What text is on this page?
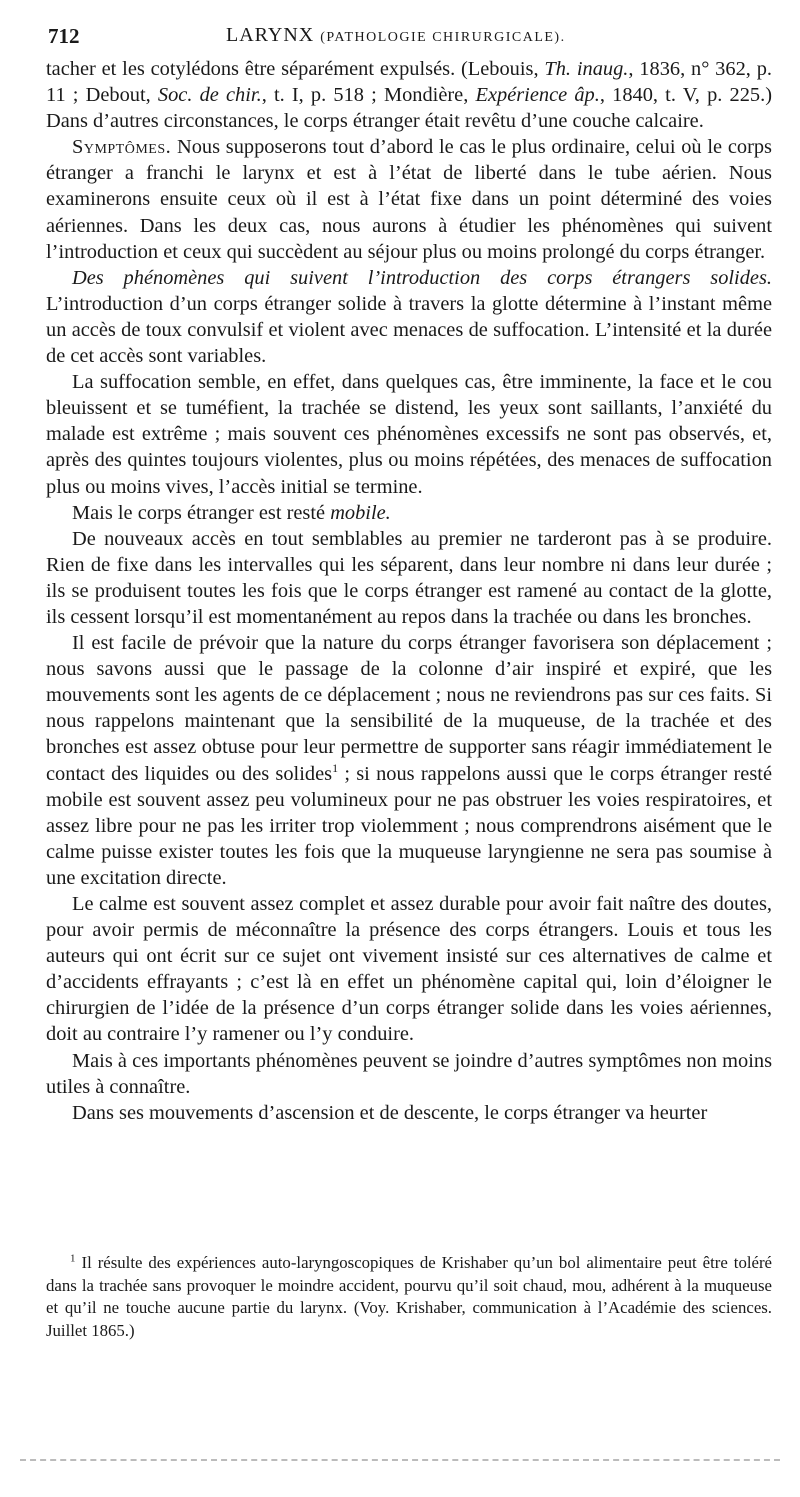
712	LARYNX (PATHOLOGIE CHIRURGICALE).

tacher et les cotylédons être séparément expulsés. (Lebouis, Th. inaug., 1836, n° 362, p. 11 ; Debout, Soc. de chir., t. I, p. 518 ; Mondière, Expérience âp., 1840, t. V, p. 225.) Dans d’autres circonstances, le corps étranger était revêtu d’une couche calcaire.

Symptômes. Nous supposerons tout d’abord le cas le plus ordinaire, celui où le corps étranger a franchi le larynx et est à l’état de liberté dans le tube aérien. Nous examinerons ensuite ceux où il est à l’état fixe dans un point déterminé des voies aériennes. Dans les deux cas, nous aurons à étudier les phénomènes qui suivent l’introduction et ceux qui succèdent au séjour plus ou moins prolongé du corps étranger.

Des phénomènes qui suivent l’introduction des corps étrangers solides. L’introduction d’un corps étranger solide à travers la glotte détermine à l’instant même un accès de toux convulsif et violent avec menaces de suffocation. L’intensité et la durée de cet accès sont variables.

La suffocation semble, en effet, dans quelques cas, être imminente, la face et le cou bleuissent et se tuméfient, la trachée se distend, les yeux sont saillants, l’anxiété du malade est extrême ; mais souvent ces phénomènes excessifs ne sont pas observés, et, après des quintes toujours violentes, plus ou moins répétées, des menaces de suffocation plus ou moins vives, l’accès initial se termine.

Mais le corps étranger est resté mobile.

De nouveaux accès en tout semblables au premier ne tarderont pas à se produire. Rien de fixe dans les intervalles qui les séparent, dans leur nombre ni dans leur durée ; ils se produisent toutes les fois que le corps étranger est ramené au contact de la glotte, ils cessent lorsqu’il est momentanément au repos dans la trachée ou dans les bronches.

Il est facile de prévoir que la nature du corps étranger favorisera son déplacement ; nous savons aussi que le passage de la colonne d’air inspiré et expiré, que les mouvements sont les agents de ce déplacement ; nous ne reviendrons pas sur ces faits. Si nous rappelons maintenant que la sensibilité de la muqueuse, de la trachée et des bronches est assez obtuse pour leur permettre de supporter sans réagir immédiatement le contact des liquides ou des solides$^1$ ; si nous rappelons aussi que le corps étranger resté mobile est souvent assez peu volumineux pour ne pas obstruer les voies respiratoires, et assez libre pour ne pas les irriter trop violemment ; nous comprendrons aisément que le calme puisse exister toutes les fois que la muqueuse laryngienne ne sera pas soumise à une excitation directe.

Le calme est souvent assez complet et assez durable pour avoir fait naître des doutes, pour avoir permis de méconnaître la présence des corps étrangers. Louis et tous les auteurs qui ont écrit sur ce sujet ont vivement insisté sur ces alternatives de calme et d’accidents effrayants ; c’est là en effet un phénomène capital qui, loin d’éloigner le chirurgien de l’idée de la présence d’un corps étranger solide dans les voies aériennes, doit au contraire l’y ramener ou l’y conduire.

Mais à ces importants phénomènes peuvent se joindre d’autres symptômes non moins utiles à connaître.

Dans ses mouvements d’ascension et de descente, le corps étranger va heurter

$^1$ Il résulte des expériences auto-laryngoscopiques de Krishaber qu’un bol alimentaire peut être toléré dans la trachée sans provoquer le moindre accident, pourvu qu’il soit chaud, mou, adhérent à la muqueuse et qu’il ne touche aucune partie du larynx. (Voy. Krishaber, communication à l’Académie des sciences. Juillet 1865.)
